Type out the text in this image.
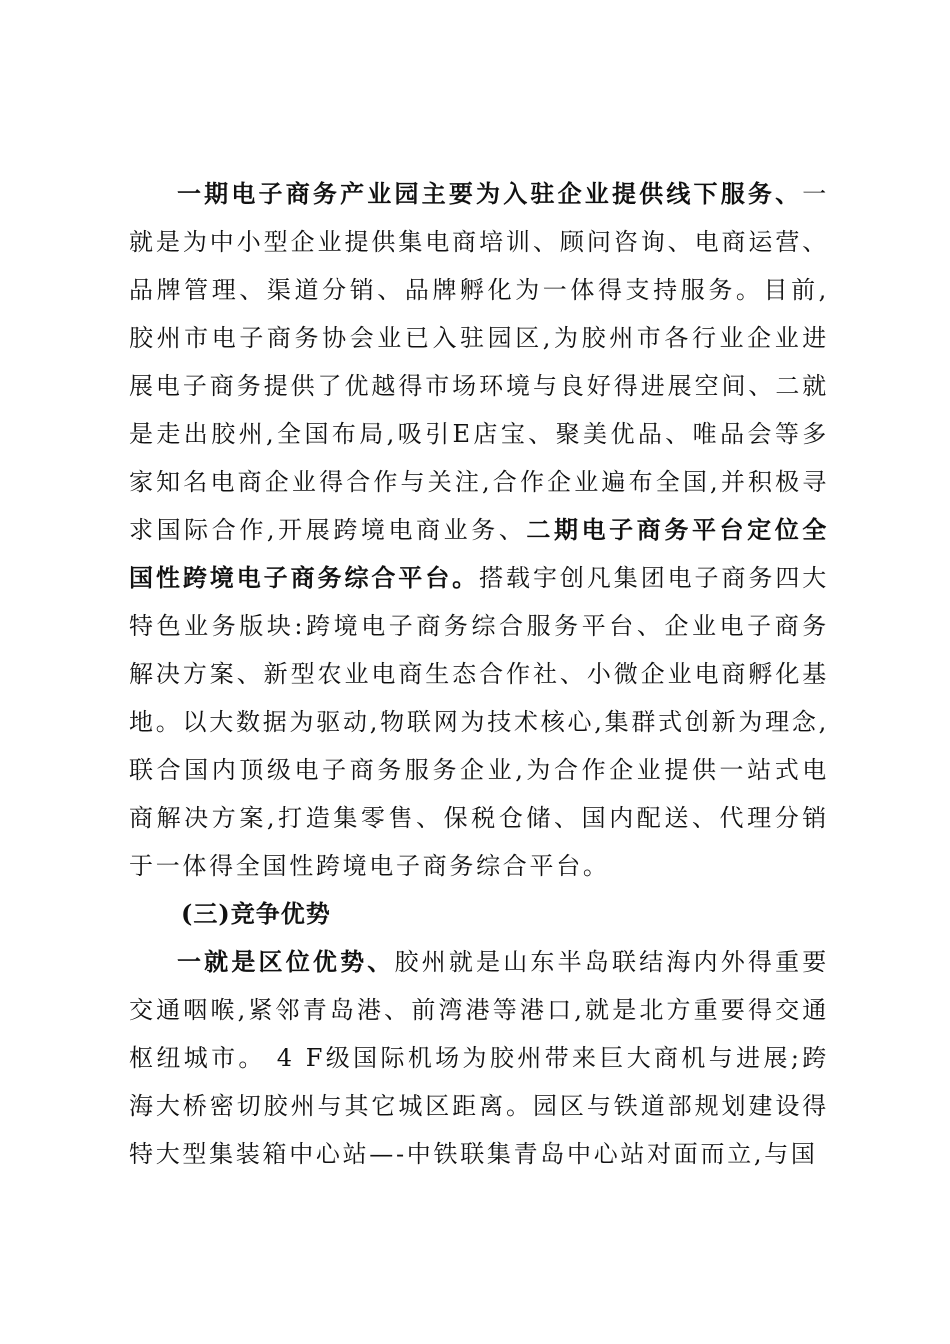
一期电子商务产业园主要为入驻企业提供线下服务、一就是为中小型企业提供集电商培训、顾问咨询、电商运营、品牌管理、渠道分销、品牌孵化为一体得支持服务。目前,胶州市电子商务协会业已入驻园区,为胶州市各行业企业进展电子商务提供了优越得市场环境与良好得进展空间、二就是走出胶州,全国布局,吸引E店宝、聚美优品、唯品会等多家知名电商企业得合作与关注,合作企业遍布全国,并积极寻求国际合作,开展跨境电商业务、二期电子商务平台定位全国性跨境电子商务综合平台。搭载宇创凡集团电子商务四大特色业务版块:跨境电子商务综合服务平台、企业电子商务解决方案、新型农业电商生态合作社、小微企业电商孵化基地。以大数据为驱动,物联网为技术核心,集群式创新为理念,联合国内顶级电子商务服务企业,为合作企业提供一站式电商解决方案,打造集零售、保税仓储、国内配送、代理分销于一体得全国性跨境电子商务综合平台。

(三)竞争优势

一就是区位优势、胶州就是山东半岛联结海内外得重要交通咽喉,紧邻青岛港、前湾港等港口,就是北方重要得交通枢纽城市。 4 F级国际机场为胶州带来巨大商机与进展;跨海大桥密切胶州与其它城区距离。园区与铁道部规划建设得特大型集装箱中心站—-中铁联集青岛中心站对面而立,与国
